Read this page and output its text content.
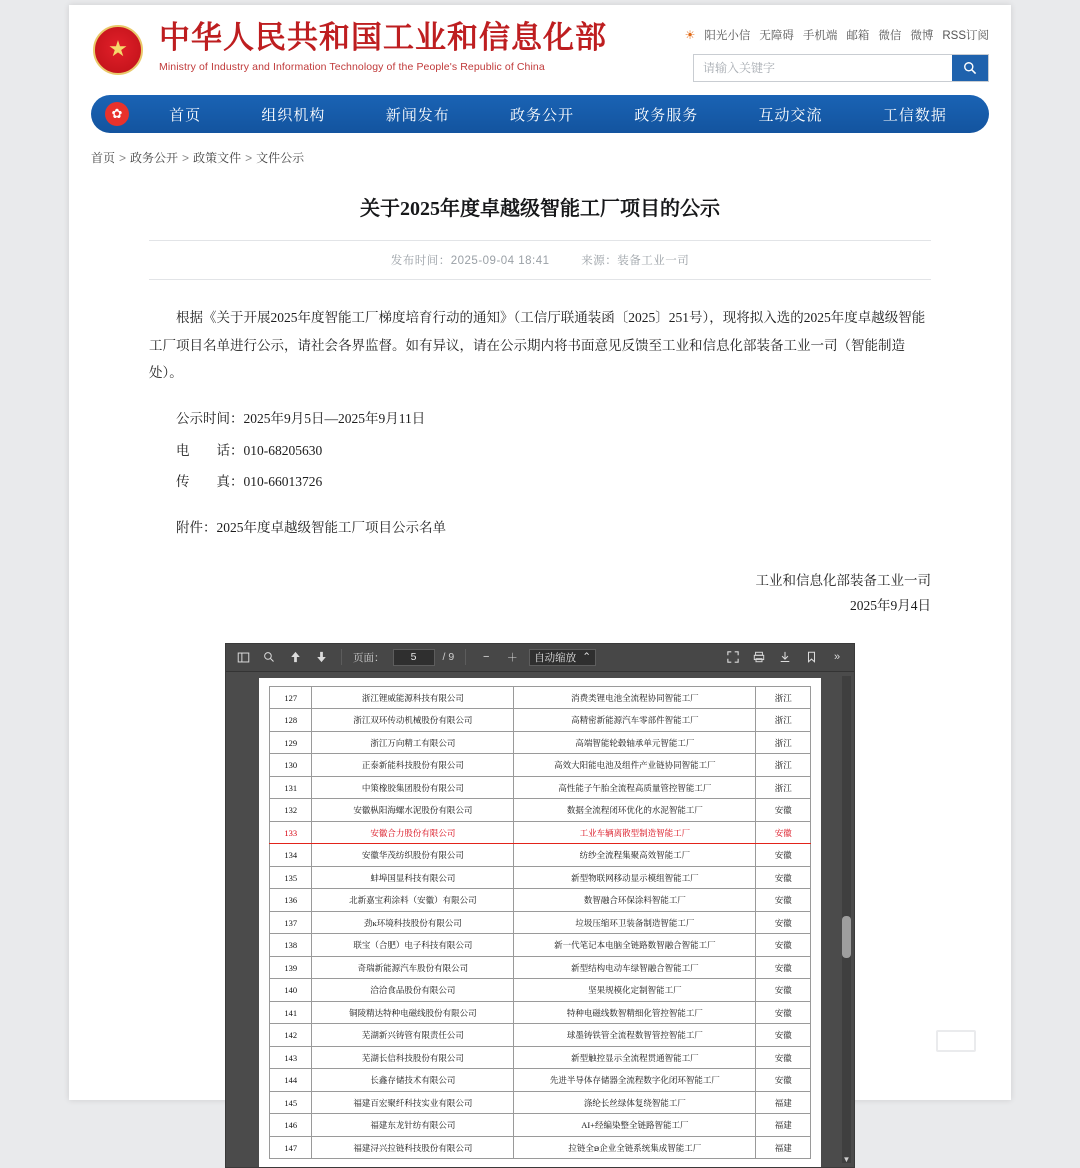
★ 中华人民共和国工业和信息化部
Ministry of Industry and Information Technology of the People's Republic of China
☀ 阳光小信 无障碍 手机端 邮箱 微信 微博 RSS订阅
请输入关键字
✿	首页	组织机构	新闻发布	政务公开	政务服务	互动交流	工信数据
首页 > 政务公开 > 政策文件 > 文件公示
关于2025年度卓越级智能工厂项目的公示
发布时间：2025-09-04 18:41	来源：装备工业一司

根据《关于开展2025年度智能工厂梯度培育行动的通知》（工信厅联通装函〔2025〕251号），现将拟入选的2025年度卓越级智能工厂项目名单进行公示，请社会各界监督。如有异议，请在公示期内将书面意见反馈至工业和信息化部装备工业一司（智能制造处）。

公示时间：2025年9月5日—2025年9月11日

电　　话：010-68205630

传　　真：010-66013726

附件：2025年度卓越级智能工厂项目公示名单

工业和信息化部装备工业一司
2025年9月4日
页面：
5	/ 9	−	＋	自动缩放 ⌃	»
127	浙江锂威能源科技有限公司	消费类锂电池全流程协同智能工厂	浙江
128	浙江双环传动机械股份有限公司	高精密新能源汽车零部件智能工厂	浙江
129	浙江万向精工有限公司	高端智能轮毂轴承单元智能工厂	浙江
130	正泰新能科技股份有限公司	高效大阳能电池及组件产业链协同智能工厂	浙江
131	中策橡胶集团股份有限公司	高性能子午胎全流程高质量管控智能工厂	浙江
132	安徽枞阳海螺水泥股份有限公司	数据全流程闭环优化的水泥智能工厂	安徽
133	安徽合力股份有限公司	工业车辆离散型制造智能工厂	安徽
134	安徽华茂纺织股份有限公司	纺纱全流程集聚高效智能工厂	安徽
135	蚌埠国显科技有限公司	新型物联网移动显示模组智能工厂	安徽
136	北新嘉宝莉涂料（安徽）有限公司	数智融合环保涂料智能工厂	安徽
137	劲ĸ环境科技股份有限公司	垃圾压缩环卫装备制造智能工厂	安徽
138	联宝（合肥）电子科技有限公司	新一代笔记本电脑全链路数智融合智能工厂	安徽
139	奇瑞新能源汽车股份有限公司	新型结构电动车绿智融合智能工厂	安徽
140	洽洽食品股份有限公司	坚果规模化定制智能工厂	安徽
141	铜陵精达特种电磁线股份有限公司	特种电磁线数智精细化管控智能工厂	安徽
142	芜湖新兴铸管有限责任公司	球墨铸铁管全流程数智管控智能工厂	安徽
143	芜湖长信科技股份有限公司	新型触控显示全流程贯通智能工厂	安徽
144	长鑫存储技术有限公司	先进半导体存储器全流程数字化闭环智能工厂	安徽
145	福建百宏聚纤科技实业有限公司	涤纶长丝绿体复绕智能工厂	福建
146	福建东龙针纺有限公司	AI+经编染整全链路智能工厂	福建
147	福建浔兴拉链科技股份有限公司	拉链全ອ企业全链系统集成智能工厂	福建
▼
